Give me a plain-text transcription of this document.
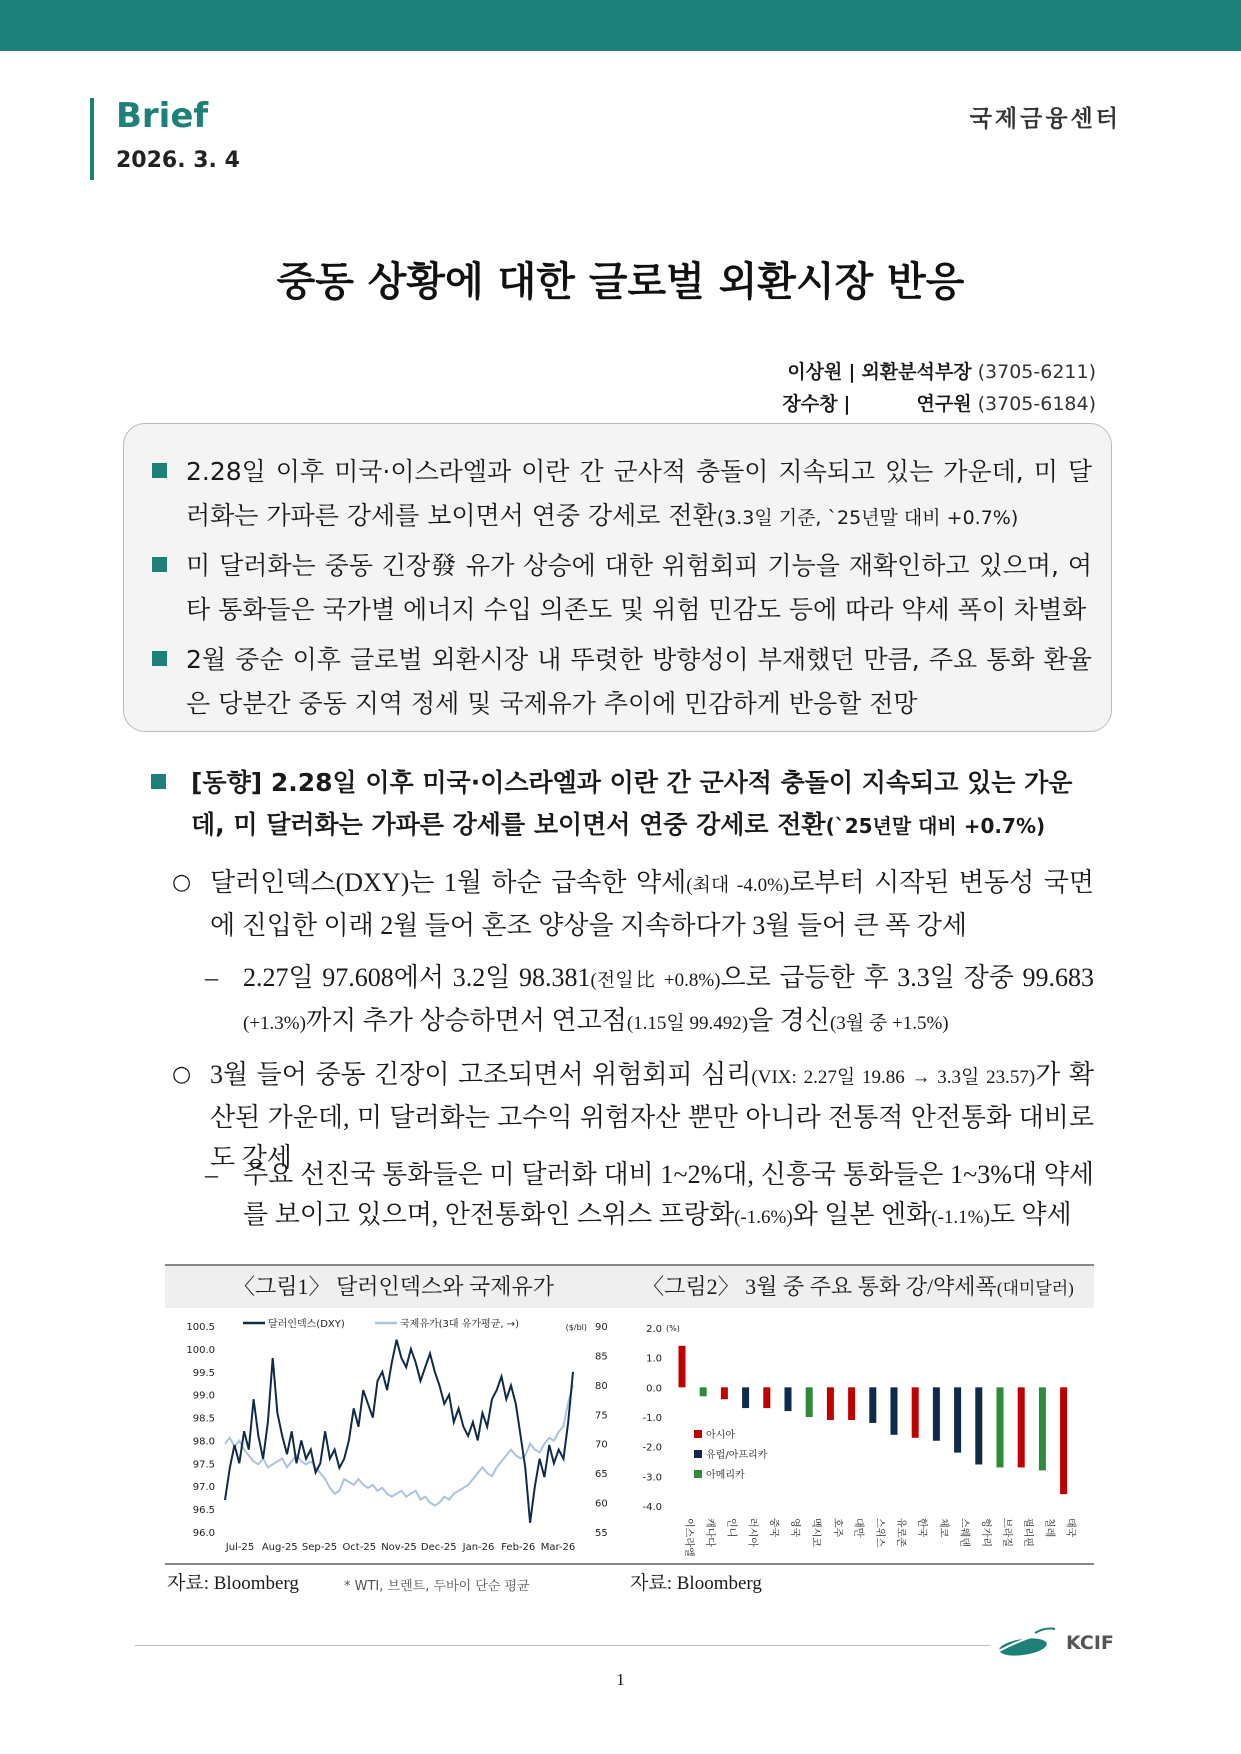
Brief
2026. 3. 4
국제금융센터
중동 상황에 대한 글로벌 외환시장 반응
이상원 | 외환분석부장 (3705-6211)
장수창 |	연구원 (3705-6184)
2.28일 이후 미국·이스라엘과 이란 간 군사적 충돌이 지속되고 있는 가운데, 미 달러화는 가파른 강세를 보이면서 연중 강세로 전환(3.3일 기준, `25년말 대비 +0.7%)
미 달러화는 중동 긴장發 유가 상승에 대한 위험회피 기능을 재확인하고 있으며, 여타 통화들은 국가별 에너지 수입 의존도 및 위험 민감도 등에 따라 약세 폭이 차별화
2월 중순 이후 글로벌 외환시장 내 뚜렷한 방향성이 부재했던 만큼, 주요 통화 환율은 당분간 중동 지역 정세 및 국제유가 추이에 민감하게 반응할 전망
[동향] 2.28일 이후 미국·이스라엘과 이란 간 군사적 충돌이 지속되고 있는 가운데, 미 달러화는 가파른 강세를 보이면서 연중 강세로 전환(`25년말 대비 +0.7%)
○ 달러인덱스(DXY)는 1월 하순 급속한 약세(최대 -4.0%)로부터 시작된 변동성 국면에 진입한 이래 2월 들어 혼조 양상을 지속하다가 3월 들어 큰 폭 강세
– 2.27일 97.608에서 3.2일 98.381(전일比 +0.8%)으로 급등한 후 3.3일 장중 99.683 (+1.3%)까지 추가 상승하면서 연고점(1.15일 99.492)을 경신(3월 중 +1.5%)
○ 3월 들어 중동 긴장이 고조되면서 위험회피 심리(VIX: 2.27일 19.86 → 3.3일 23.57)가 확산된 가운데, 미 달러화는 고수익 위험자산 뿐만 아니라 전통적 안전통화 대비로도 강세
– 주요 선진국 통화들은 미 달러화 대비 1~2%대, 신흥국 통화들은 1~3%대 약세를 보이고 있으며, 안전통화인 스위스 프랑화(-1.6%)와 일본 엔화(-1.1%)도 약세
〈그림1〉 달러인덱스와 국제유가
100.5
100.0
99.5
99.0
98.5
98.0
97.5
97.0
96.5
96.0
90
85
80
75
70
65
60
55
($/bl)
Jul-25 Aug-25 Sep-25 Oct-25 Nov-25 Dec-25 Jan-26 Feb-26 Mar-26
달러인덱스(DXY)	국제유가(3대 유가평균, →)
자료: Bloomberg	* WTI, 브렌트, 두바이 단순 평균
〈그림2〉 3월 중 주요 통화 강/약세폭(대미달러)
2.0
1.0
0.0
-1.0
-2.0
-3.0
-4.0
(%)
이스라엘 캐나다 인니 러시아 중국 영국 멕시코 호주 대만 스위스 유로존 한국 체코 스웨덴 헝가리 브라질 필리핀 칠레 태국
아시아
유럽/아프리카
아메리카
자료: Bloomberg
KCIF
1
